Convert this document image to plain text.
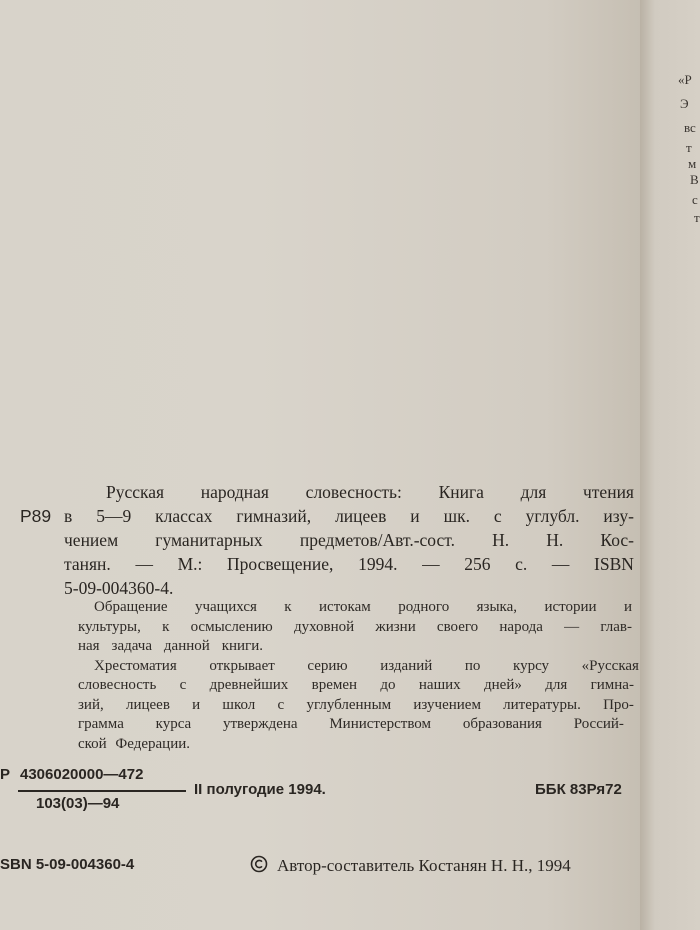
Р89
Русская народная словесность: Книга для чтения
в 5—9 классах гимназий, лицеев и шк. с углубл. изу-
чением гуманитарных предметов/Авт.-сост. Н. Н. Кос-
танян. — М.: Просвещение, 1994. — 256 с. — ISBN
5-09-004360-4.
Обращение учащихся к истокам родного языка, истории и
культуры, к осмыслению духовной жизни своего народа — глав-
ная задача данной книги.
Хрестоматия открывает серию изданий по курсу «Русская
словесность с древнейших времен до наших дней» для гимна-
зий, лицеев и школ с углубленным изучением литературы. Про-
грамма курса утверждена Министерством образования Россий-
ской Федерации.
Р 4306020000—472
103(03)—94
II полугодие 1994.	ББК 83Ря72
SBN 5-09-004360-4	Автор-составитель Костанян Н. Н., 1994
«Р
Э
вс
т
м
В
с
т
